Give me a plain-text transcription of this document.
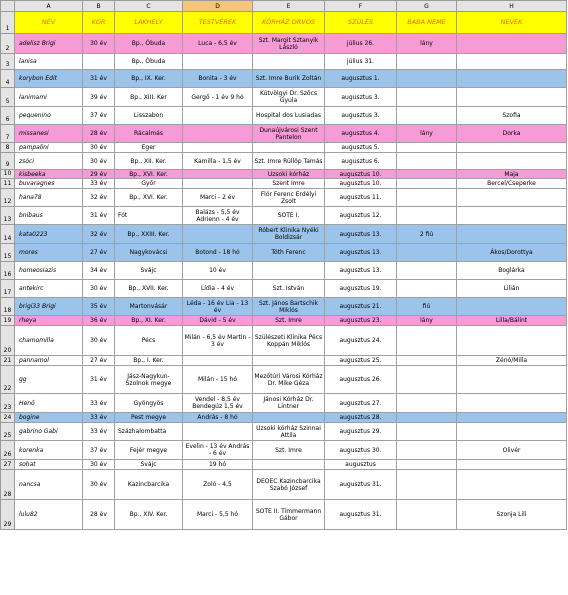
	A	B	C	D	E	F	G	H
1	NÉV	KOR	LAKHELY	TESTVÉREK	KÓRHÁZ ORVOS	SZÜLÉS	BABA NEME	NEVEK
2	adelisz Brigi	30 év	Bp., Óbuda	Luca - 6,5 év	Szt. Margit Sztanyik László	július 26.	lány	
3	lanisa		Bp., Óbuda			július 31.		
4	korybon Edit	31 év	Bp., IX. Ker.	Bonita - 3 év	Szt. Imre Burik Zoltán	augusztus 1.		
5	lanimami	39 év	Bp., XIII. Ker	Gergő - 1 év 9 hó	Kútvölgyi Dr. Szőcs Gyula	augusztus 3.		
6	pequenino	37 év	Lisszabon		Hospital dos Lusiadas	augusztus 3.		Szofia
7	missanesi	28 év	Rácalmás		Dunaújvárosi Szent Pantelon	augusztus 4.	lány	Dorka
8	pampalini	30 év	Eger			augusztus 5.		
9	zsóci	30 év	Bp., XII. Ker.	Kamilla - 1,5 év	Szt. Imre Rüllöp Tamás	augusztus 6.		
10	kisbeeka	29 év	Bp., XVI. Ker.		Uzsoki kórház	augusztus 10.		Maja
11	buvaragnes	33 év	Győr		Szent Imre	augusztus 10.		Bercel/Cseperke
12	hana78	32 év	Bp., XVI. Ker.	Marci - 2 év	Flór Ferenc Erdélyi Zsolt	augusztus 11.		
13	bnibaus	31 év	Fót	Balázs - 5,5 év Adrienn - 4 év	SOTE I.	augusztus 12.		
14	kata0223	32 év	Bp., XXIII. Ker.		Róbert Klinika Nyéki Boldizsár	augusztus 13.	2 fiú	
15	mores	27 év	Nagykovácsi	Botond - 18 hó	Tóth Ferenc	augusztus 13.		Ákos/Dorottya
16	homeosiazis	34 év	Svájc	10 év		augusztus 13.		Boglárka
17	antekirc	30 év	Bp., XVII. Ker.	Lídia - 4 év	Szt. István	augusztus 19.		Lilián
18	brigi33 Brigi	35 év	Martonvásár	Léda - 16 év Lia - 13 év	Szt. János Bartschik Miklós	augusztus 21.	fiú	
19	rheya	36 év	Bp., XI. Ker.	Dávid - 5 év	Szt. Imre	augusztus 23.	lány	Lilla/Bálint
20	chamomilla	30 év	Pécs	Milán - 6,5 év Martin - 3 év	Szülészeti Klinika Pécs Koppán Miklós	augusztus 24.		
21	pannamol	27 év	Bp., I. Ker.			augusztus 25.		Zénó/Milla
22	gg	31 év	Jász-Nagykun-Szolnok megye	Milán - 15 hó	Mezőtúri Városi Kórház Dr. Mike Géza	augusztus 26.		
23	Henő	33 év	Gyöngyös	Vendel - 8,5 év Bendegúz 1,5 év	Jánosi Kórház Dr. Lintner	augusztus 27.		
24	bogine	33 év	Pest megye	András - 8 hó		augusztus 28.		
25	gabrino Gabi	33 év	Százhalombatta		Uzsoki kórház Szinnai Attila	augusztus 29.		
26	korenka	37 év	Fejér megye	Evelin - 13 év András - 6 év	Szt. Imre	augusztus 30.		Olivér
27	sohat	30 év	Svájc	19 hó		augusztus		
28	nancsa	30 év	Kazincbarcika	Zoló - 4,5	DEOEC Kazincbarcika Szabó József	augusztus 31.		
29	lulu82	28 év	Bp., XIV. Ker.	Marci - 5,5 hó	SOTE II. Timmermann Gábor	augusztus 31.		Szonja Lili
